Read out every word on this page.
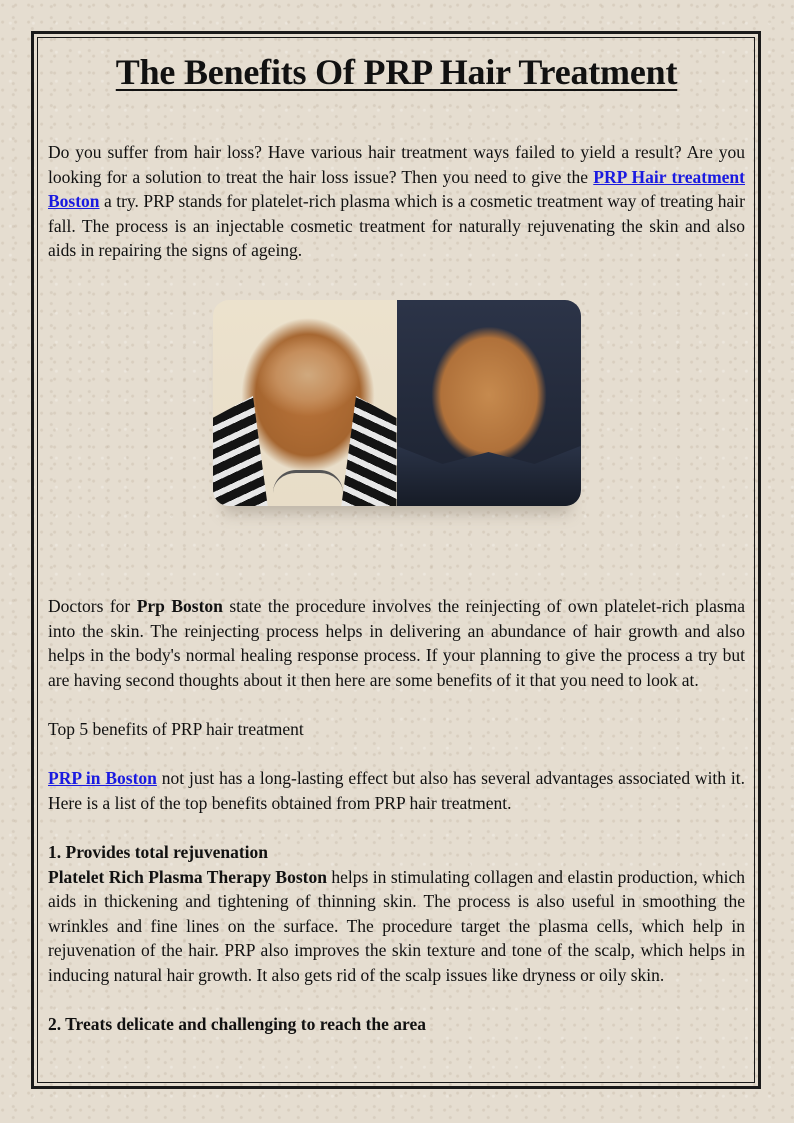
The Benefits Of PRP Hair Treatment

Do you suffer from hair loss? Have various hair treatment ways failed to yield a result? Are you looking for a solution to treat the hair loss issue? Then you need to give the PRP Hair treatment Boston a try. PRP stands for platelet-rich plasma which is a cosmetic treatment way of treating hair fall. The process is an injectable cosmetic treatment for naturally rejuvenating the skin and also aids in repairing the signs of ageing.

Doctors for Prp Boston state the procedure involves the reinjecting of own platelet-rich plasma into the skin. The reinjecting process helps in delivering an abundance of hair growth and also helps in the body's normal healing response process. If your planning to give the process a try but are having second thoughts about it then here are some benefits of it that you need to look at.

Top 5 benefits of PRP hair treatment

PRP in Boston not just has a long-lasting effect but also has several advantages associated with it. Here is a list of the top benefits obtained from PRP hair treatment.

1. Provides total rejuvenation

Platelet Rich Plasma Therapy Boston helps in stimulating collagen and elastin production, which aids in thickening and tightening of thinning skin. The process is also useful in smoothing the wrinkles and fine lines on the surface. The procedure target the plasma cells, which help in rejuvenation of the hair. PRP also improves the skin texture and tone of the scalp, which helps in inducing natural hair growth. It also gets rid of the scalp issues like dryness or oily skin.

2. Treats delicate and challenging to reach the area
